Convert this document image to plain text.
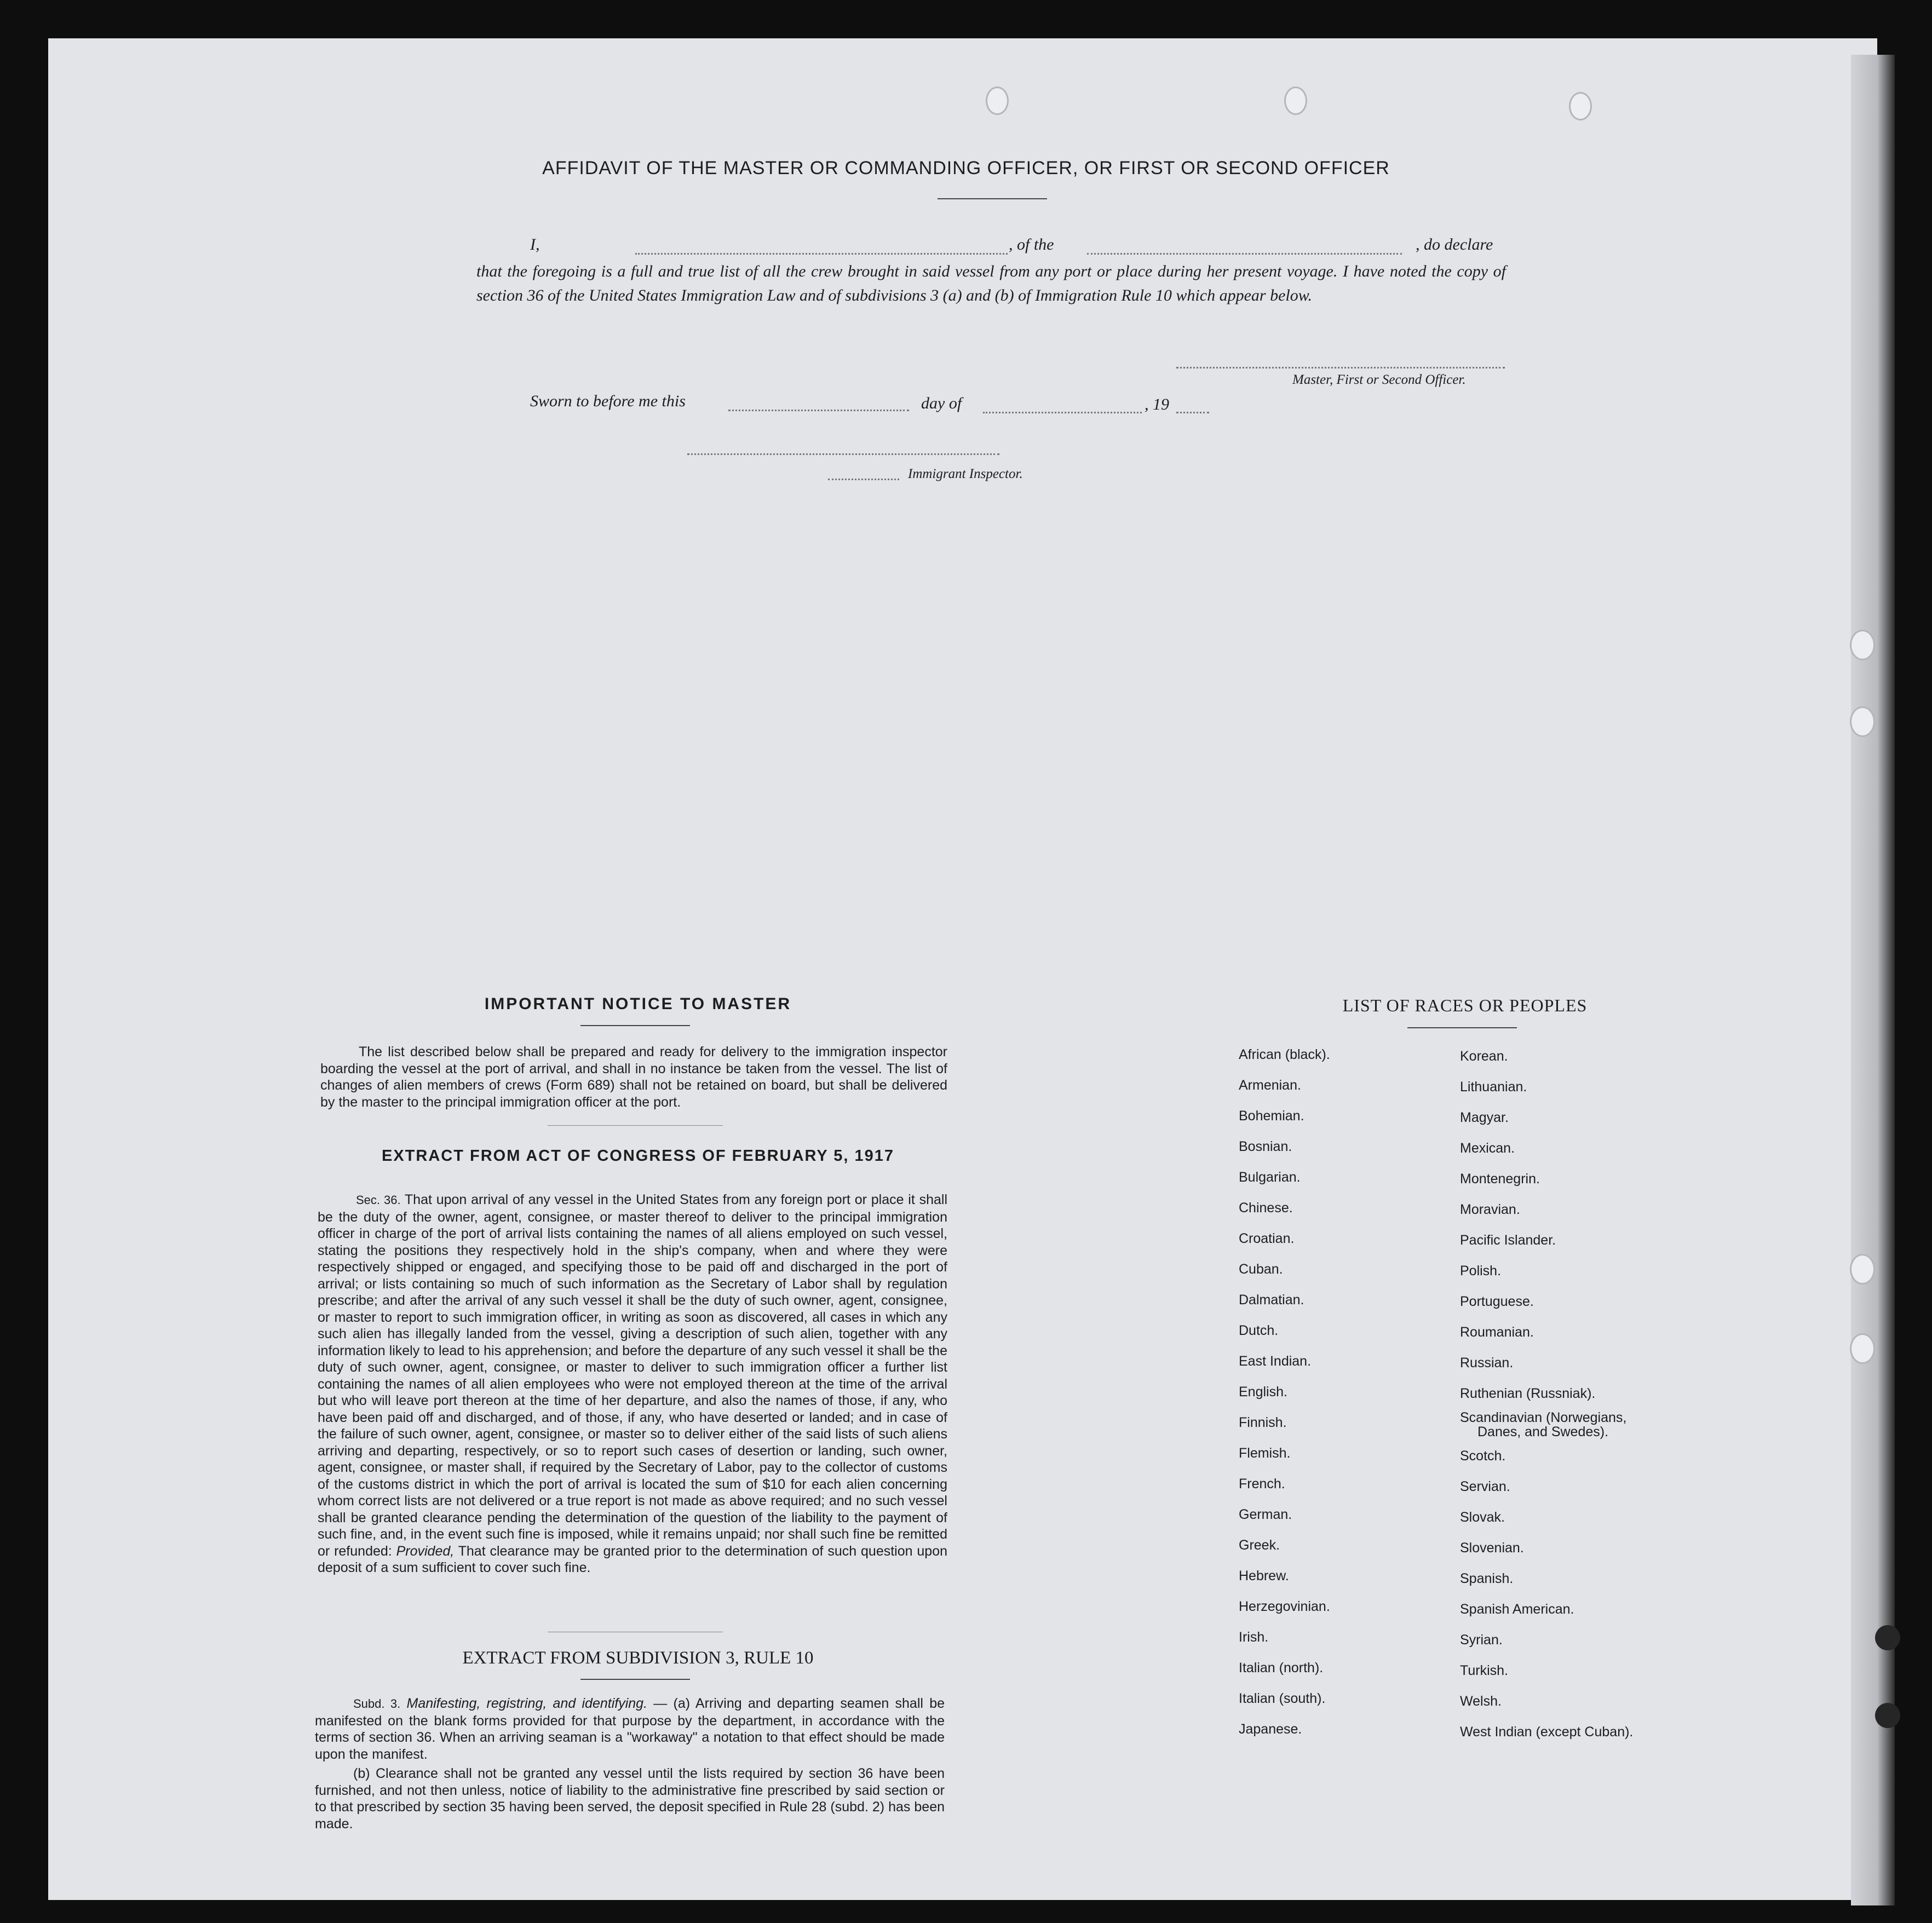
AFFIDAVIT OF THE MASTER OR COMMANDING OFFICER, OR FIRST OR SECOND OFFICER
I,	, of the	, do declare
that the foregoing is a full and true list of all the crew brought in said vessel from any port or place during her present voyage. I have noted the copy of section 36 of the United States Immigration Law and of subdivisions 3 (a) and (b) of Immigration Rule 10 which appear below.
Master, First or Second Officer.
Sworn to before me this	day of	, 19
Immigrant Inspector.
IMPORTANT NOTICE TO MASTER
The list described below shall be prepared and ready for delivery to the immigration inspector boarding the vessel at the port of arrival, and shall in no instance be taken from the vessel. The list of changes of alien members of crews (Form 689) shall not be retained on board, but shall be delivered by the master to the principal immigration officer at the port.
EXTRACT FROM ACT OF CONGRESS OF FEBRUARY 5, 1917
Sec. 36. That upon arrival of any vessel in the United States from any foreign port or place it shall be the duty of the owner, agent, consignee, or master thereof to deliver to the principal immigration officer in charge of the port of arrival lists containing the names of all aliens employed on such vessel, stating the positions they respectively hold in the ship's company, when and where they were respectively shipped or engaged, and specifying those to be paid off and discharged in the port of arrival; or lists containing so much of such information as the Secretary of Labor shall by regulation prescribe; and after the arrival of any such vessel it shall be the duty of such owner, agent, consignee, or master to report to such immigration officer, in writing as soon as discovered, all cases in which any such alien has illegally landed from the vessel, giving a description of such alien, together with any information likely to lead to his apprehension; and before the departure of any such vessel it shall be the duty of such owner, agent, consignee, or master to deliver to such immigration officer a further list containing the names of all alien employees who were not employed thereon at the time of the arrival but who will leave port thereon at the time of her departure, and also the names of those, if any, who have been paid off and discharged, and of those, if any, who have deserted or landed; and in case of the failure of such owner, agent, consignee, or master so to deliver either of the said lists of such aliens arriving and departing, respectively, or so to report such cases of desertion or landing, such owner, agent, consignee, or master shall, if required by the Secretary of Labor, pay to the collector of customs of the customs district in which the port of arrival is located the sum of $10 for each alien concerning whom correct lists are not delivered or a true report is not made as above required; and no such vessel shall be granted clearance pending the determination of the question of the liability to the payment of such fine, and, in the event such fine is imposed, while it remains unpaid; nor shall such fine be remitted or refunded: Provided, That clearance may be granted prior to the determination of such question upon deposit of a sum sufficient to cover such fine.
EXTRACT FROM SUBDIVISION 3, RULE 10
Subd. 3. Manifesting, registring, and identifying. — (a) Arriving and departing seamen shall be manifested on the blank forms provided for that purpose by the department, in accordance with the terms of section 36. When an arriving seaman is a "workaway" a notation to that effect should be made upon the manifest.
(b) Clearance shall not be granted any vessel until the lists required by section 36 have been furnished, and not then unless, notice of liability to the administrative fine prescribed by said section or to that prescribed by section 35 having been served, the deposit specified in Rule 28 (subd. 2) has been made.
LIST OF RACES OR PEOPLES
African (black).
Armenian.
Bohemian.
Bosnian.
Bulgarian.
Chinese.
Croatian.
Cuban.
Dalmatian.
Dutch.
East Indian.
English.
Finnish.
Flemish.
French.
German.
Greek.
Hebrew.
Herzegovinian.
Irish.
Italian (north).
Italian (south).
Japanese.
Korean.
Lithuanian.
Magyar.
Mexican.
Montenegrin.
Moravian.
Pacific Islander.
Polish.
Portuguese.
Roumanian.
Russian.
Ruthenian (Russniak).
Scandinavian (Norwegians,
Danes, and Swedes).
Scotch.
Servian.
Slovak.
Slovenian.
Spanish.
Spanish American.
Syrian.
Turkish.
Welsh.
West Indian (except Cuban).
